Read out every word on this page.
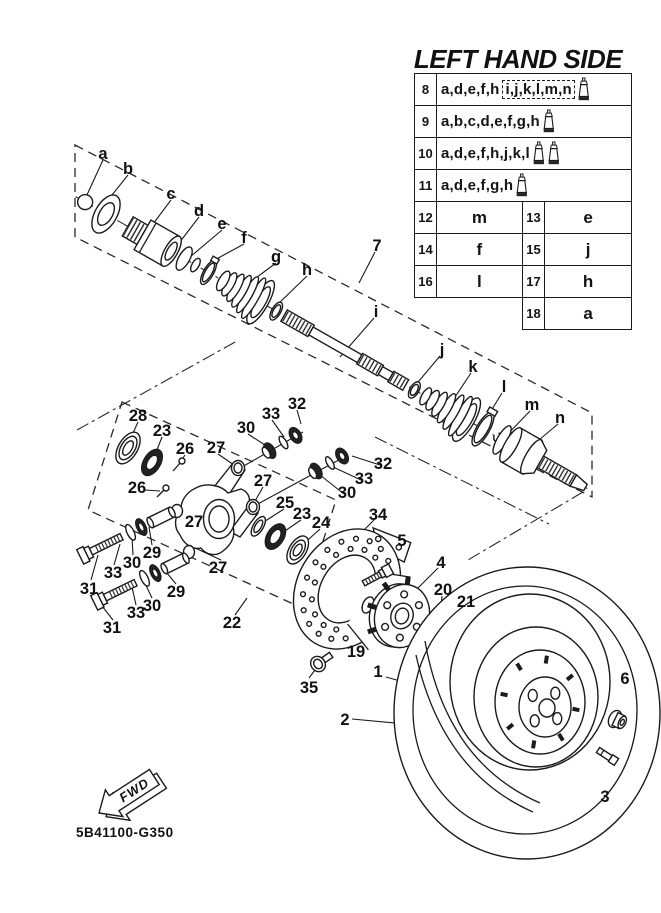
FWD
a
b
c
d
e
f
g
h
7
i
j
k
l
m
n
28
23
26 27
30
33
32
26
27
27
27
25
23 24
30
33
32
29
30
33
31	29
30
33
31	22
34
5
4
20
21
19
35
1
2
6
3
LEFT HAND SIDE
8	a,d,e,f,h i,j,k,l,m,n		

9	a,b,c,d,e,f,g,h		

10	a,d,e,f,h,j,k,l		

11	a,d,e,f,g,h		

12	m	13	e
14	f	15	j
16	l	17	h
		18	a
5B41100-G350
